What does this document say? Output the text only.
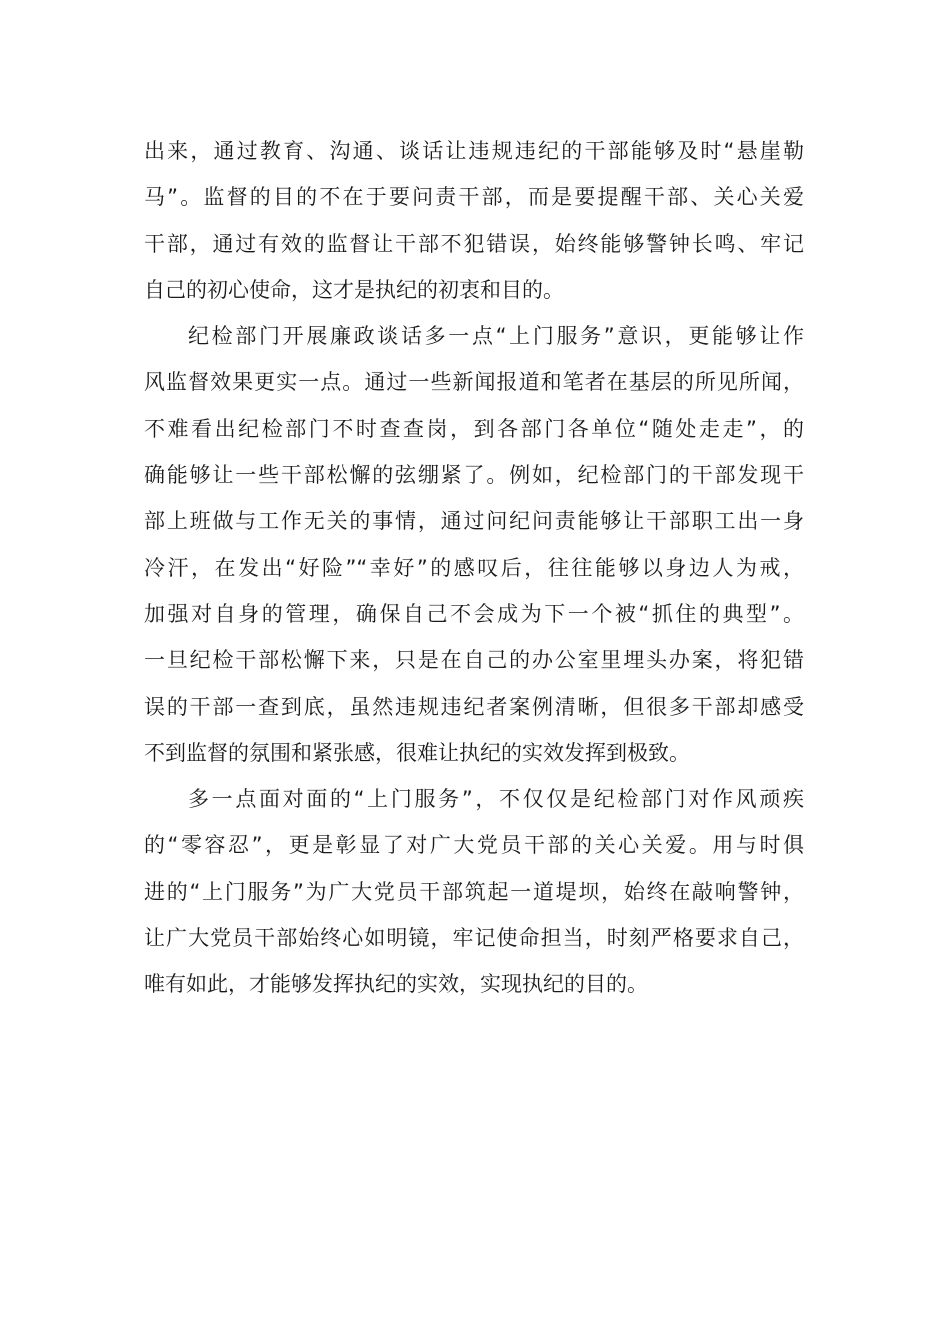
出来，通过教育、沟通、谈话让违规违纪的干部能够及时“悬崖勒
马”。监督的目的不在于要问责干部，而是要提醒干部、关心关爱
干部，通过有效的监督让干部不犯错误，始终能够警钟长鸣、牢记
自己的初心使命，这才是执纪的初衷和目的。
纪检部门开展廉政谈话多一点“上门服务”意识，更能够让作
风监督效果更实一点。通过一些新闻报道和笔者在基层的所见所闻，
不难看出纪检部门不时查查岗，到各部门各单位“随处走走”，的
确能够让一些干部松懈的弦绷紧了。例如，纪检部门的干部发现干
部上班做与工作无关的事情，通过问纪问责能够让干部职工出一身
冷汗，在发出“好险”“幸好”的感叹后，往往能够以身边人为戒，
加强对自身的管理，确保自己不会成为下一个被“抓住的典型”。
一旦纪检干部松懈下来，只是在自己的办公室里埋头办案，将犯错
误的干部一查到底，虽然违规违纪者案例清晰，但很多干部却感受
不到监督的氛围和紧张感，很难让执纪的实效发挥到极致。
多一点面对面的“上门服务”，不仅仅是纪检部门对作风顽疾
的“零容忍”，更是彰显了对广大党员干部的关心关爱。用与时俱
进的“上门服务”为广大党员干部筑起一道堤坝，始终在敲响警钟，
让广大党员干部始终心如明镜，牢记使命担当，时刻严格要求自己，
唯有如此，才能够发挥执纪的实效，实现执纪的目的。
